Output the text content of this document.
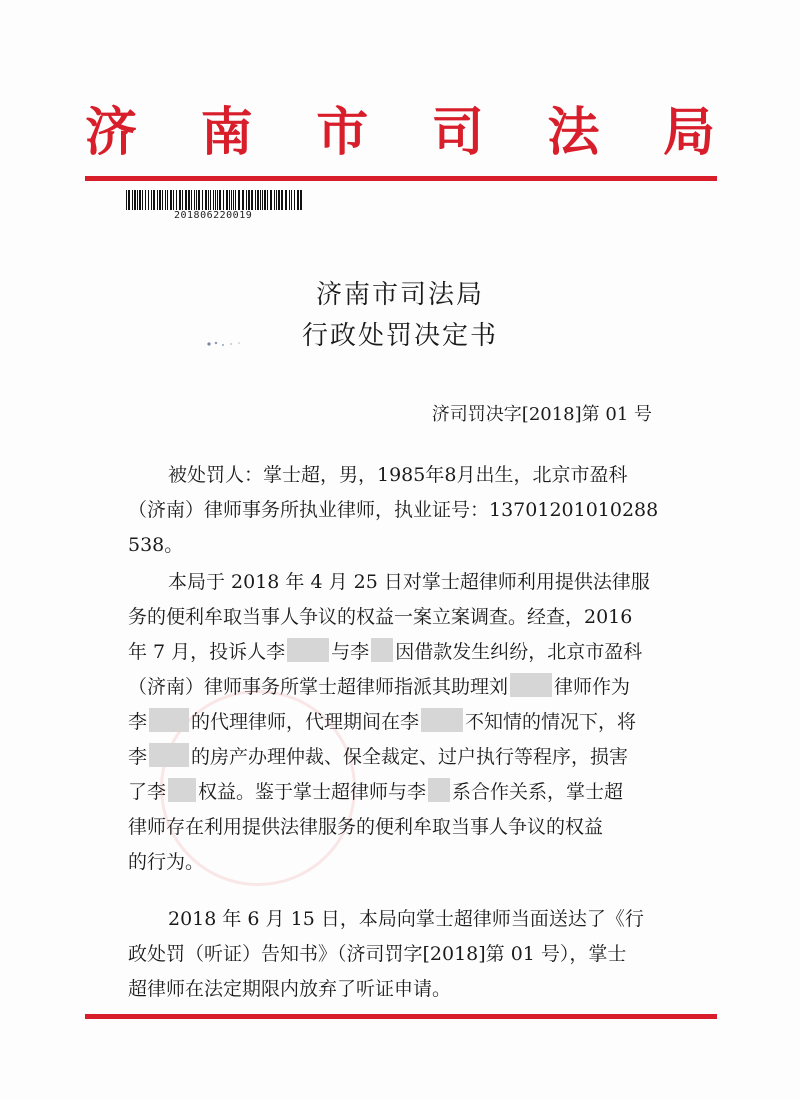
济 南 市 司 法 局
201806220019
济南市司法局
行政处罚决定书
济司罚决字[2018]第 01 号
被处罚人：掌士超，男，1985年8月出生，北京市盈科
（济南）律师事务所执业律师，执业证号：13701201010288
538。
本局于 2018 年 4 月 25 日对掌士超律师利用提供法律服
务的便利牟取当事人争议的权益一案立案调查。经查，2016
年 7 月，投诉人李 与李 因借款发生纠纷，北京市盈科
（济南）律师事务所掌士超律师指派其助理刘 律师作为
李 的代理律师，代理期间在李 不知情的情况下，将
李 的房产办理仲裁、保全裁定、过户执行等程序，损害
了李 权益。鉴于掌士超律师与李 系合作关系，掌士超
律师存在利用提供法律服务的便利牟取当事人争议的权益
的行为。
2018 年 6 月 15 日，本局向掌士超律师当面送达了《行
政处罚（听证）告知书》（济司罚字[2018]第 01 号），掌士
超律师在法定期限内放弃了听证申请。
